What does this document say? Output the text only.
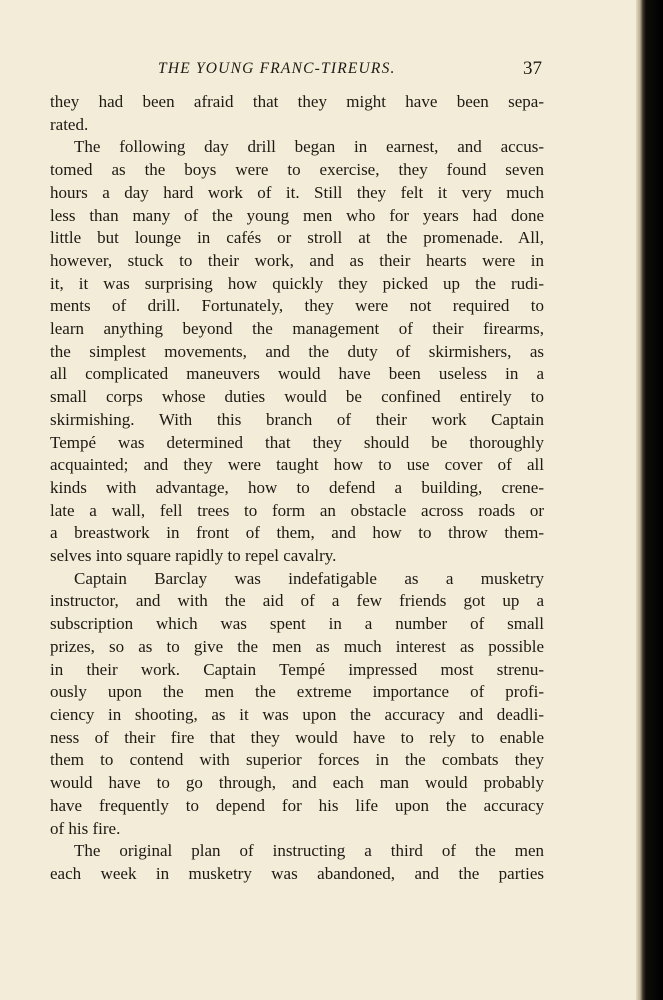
THE YOUNG FRANC-TIREURS.	37
they had been afraid that they might have been sepa-
rated.
The following day drill began in earnest, and accus-
tomed as the boys were to exercise, they found seven
hours a day hard work of it. Still they felt it very much
less than many of the young men who for years had done
little but lounge in cafés or stroll at the promenade. All,
however, stuck to their work, and as their hearts were in
it, it was surprising how quickly they picked up the rudi-
ments of drill. Fortunately, they were not required to
learn anything beyond the management of their firearms,
the simplest movements, and the duty of skirmishers, as
all complicated maneuvers would have been useless in a
small corps whose duties would be confined entirely to
skirmishing. With this branch of their work Captain
Tempé was determined that they should be thoroughly
acquainted; and they were taught how to use cover of all
kinds with advantage, how to defend a building, crene-
late a wall, fell trees to form an obstacle across roads or
a breastwork in front of them, and how to throw them-
selves into square rapidly to repel cavalry.
Captain Barclay was indefatigable as a musketry
instructor, and with the aid of a few friends got up a
subscription which was spent in a number of small
prizes, so as to give the men as much interest as possible
in their work. Captain Tempé impressed most strenu-
ously upon the men the extreme importance of profi-
ciency in shooting, as it was upon the accuracy and deadli-
ness of their fire that they would have to rely to enable
them to contend with superior forces in the combats they
would have to go through, and each man would probably
have frequently to depend for his life upon the accuracy
of his fire.
The original plan of instructing a third of the men
each week in musketry was abandoned, and the parties
